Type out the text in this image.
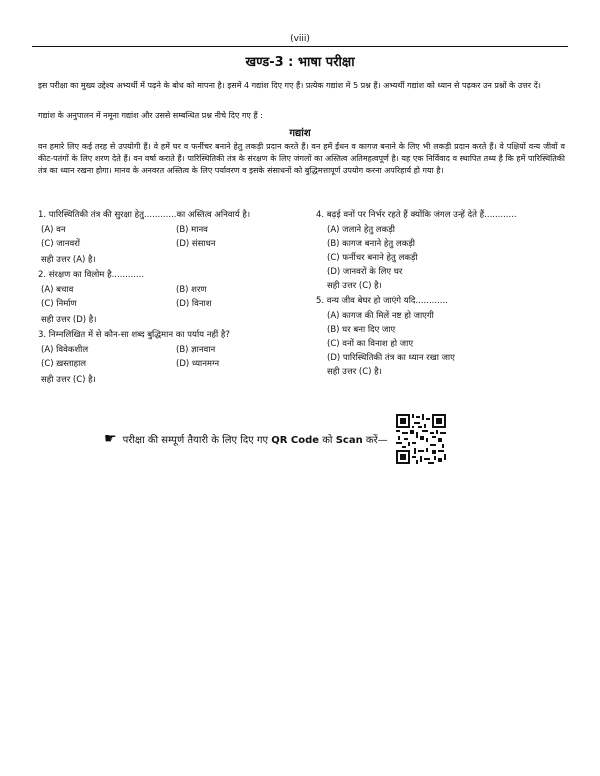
(viii)
खण्ड-3 : भाषा परीक्षा
इस परीक्षा का मुख्य उद्देश्य अभ्यर्थी में पढ़ने के बोध को मापना है। इसमें 4 गद्यांश दिए गए हैं। प्रत्येक गद्यांश में 5 प्रश्न हैं। अभ्यर्थी गद्यांश को ध्यान से पढ़कर उन प्रश्नों के उत्तर दें।
गद्यांश के अनुपालन में नमूना गद्यांश और उससे सम्बन्धित प्रश्न नीचे दिए गए हैं :
गद्यांश
वन हमारे लिए कई तरह से उपयोगी हैं। वे हमें घर व फर्नीचर बनाने हेतु लकड़ी प्रदान करते हैं। वन हमें ईंधन व कागज बनाने के लिए भी लकड़ी प्रदान करते हैं। वे पक्षियों वन्य जीवों व कीट-पतंगों के लिए शरण देते हैं। वन वर्षा कराते हैं। पारिस्थितिकी तंत्र के संरक्षण के लिए जंगलों का अस्तित्व अतिमहत्वपूर्ण है। यह एक निर्विवाद व स्थापित तथ्य है कि हमें पारिस्थितिकी तंत्र का ध्यान रखना होगा। मानव के अनवरत अस्तित्व के लिए पर्यावरण व इसके संसाधनों को बुद्धिमत्तापूर्ण उपयोग करना अपरिहार्य हो गया है।
1. पारिस्थितिकी तंत्र की सुरक्षा हेतु............का अस्तित्व अनिवार्य है।
(A) वन	(B) मानव
(C) जानवरों	(D) संसाधन
सही उत्तर (A) है।
2. संरक्षण का विलोम है............
(A) बचाव	(B) शरण
(C) निर्माण	(D) विनाश
सही उत्तर (D) है।
3. निम्नलिखित में से कौन-सा शब्द बुद्धिमान का पर्याय नहीं है?
(A) विवेकशील	(B) ज्ञानवान
(C) ख़स्ताहाल	(D) ध्यानमग्न
सही उत्तर (C) है।
4. बढ़ई वनों पर निर्भर रहते हैं क्योंकि जंगल उन्हें देते हैं............
(A) जलाने हेतु लकड़ी
(B) कागज बनाने हेतु लकड़ी
(C) फर्नीचर बनाने हेतु लकड़ी
(D) जानवरों के लिए घर
सही उत्तर (C) है।
5. वन्य जीव बेघर हो जाएंगे यदि............
(A) कागज की मिलें नष्ट हो जाएगी
(B) घर बना दिए जाए
(C) वनों का विनाश हो जाए
(D) पारिस्थितिकी तंत्र का ध्यान रखा जाए
सही उत्तर (C) है।
☛ परीक्षा की सम्पूर्ण तैयारी के लिए दिए गए QR Code को Scan करें—
